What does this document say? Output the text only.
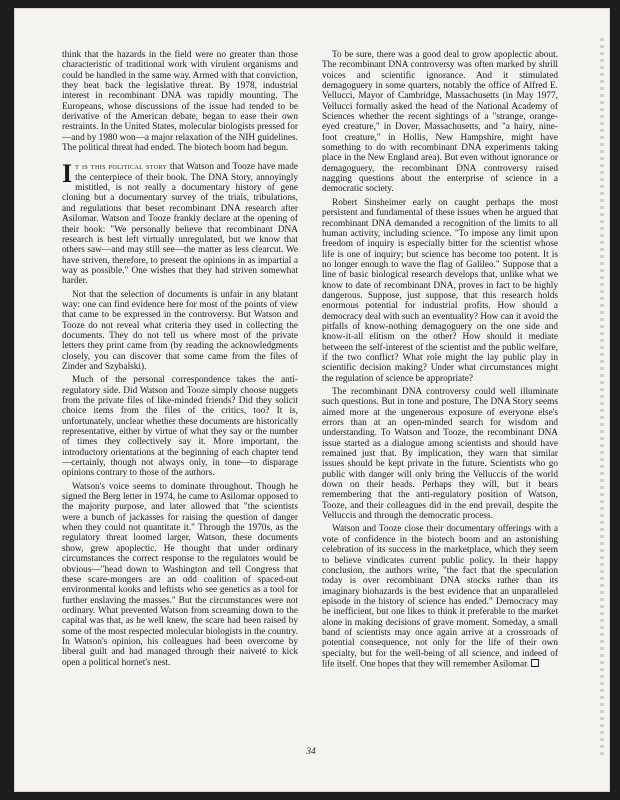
think that the hazards in the field were no greater than those characteristic of traditional work with virulent organisms and could be handled in the same way. Armed with that conviction, they beat back the legislative threat. By 1978, industrial interest in recombinant DNA was rapidly mounting. The Europeans, whose discussions of the issue had tended to be derivative of the American debate, began to ease their own restraints. In the United States, molecular biologists pressed for—and by 1980 won—a major relaxation of the NIH guidelines. The political threat had ended. The biotech boom had begun.

It is this political story that Watson and Tooze have made the centerpiece of their book. The DNA Story, annoyingly mistitled, is not really a documentary history of gene cloning but a documentary survey of the trials, tribulations, and regulations that beset recombinant DNA research after Asilomar. Watson and Tooze frankly declare at the opening of their book: "We personally believe that recombinant DNA research is best left virtually unregulated, but we know that others saw—and may still see—the matter as less clearcut. We have striven, therefore, to present the opinions in as impartial a way as possible." One wishes that they had striven somewhat harder.

Not that the selection of documents is unfair in any blatant way: one can find evidence here for most of the points of view that came to be expressed in the controversy. But Watson and Tooze do not reveal what criteria they used in collecting the documents. They do not tell us where most of the private letters they print came from (by reading the acknowledgments closely, you can discover that some came from the files of Zinder and Szybalski).

Much of the personal correspondence takes the anti-regulatory side. Did Watson and Tooze simply choose nuggets from the private files of like-minded friends? Did they solicit choice items from the files of the critics, too? It is, unfortunately, unclear whether these documents are historically representative, either by virtue of what they say or the number of times they collectively say it. More important, the introductory orientations at the beginning of each chapter tend—certainly, though not always only, in tone—to disparage opinions contrary to those of the authors.

Watson's voice seems to dominate throughout. Though he signed the Berg letter in 1974, he came to Asilomar opposed to the majority purpose, and later allowed that "the scientists were a bunch of jackasses for raising the question of danger when they could not quantitate it." Through the 1970s, as the regulatory threat loomed larger, Watson, these documents show, grew apoplectic. He thought that under ordinary circumstances the correct response to the regulators would be obvious—"head down to Washington and tell Congress that these scare-mongers are an odd coalition of spaced-out environmental kooks and leftists who see genetics as a tool for further enslaving the masses." But the circumstances were not ordinary. What prevented Watson from screaming down to the capital was that, as he well knew, the scare had been raised by some of the most respected molecular biologists in the country. In Watson's opinion, his colleagues had been overcome by liberal guilt and had managed through their naiveté to kick open a political hornet's nest.

To be sure, there was a good deal to grow apoplectic about. The recombinant DNA controversy was often marked by shrill voices and scientific ignorance. And it stimulated demagoguery in some quarters, notably the office of Alfred E. Vellucci, Mayor of Cambridge, Massachusetts (in May 1977, Vellucci formally asked the head of the National Academy of Sciences whether the recent sightings of a "strange, orange-eyed creature," in Dover, Massachusetts, and "a hairy, nine-foot creature," in Hollis, New Hampshire, might have something to do with recombinant DNA experiments taking place in the New England area). But even without ignorance or demagoguery, the recombinant DNA controversy raised nagging questions about the enterprise of science in a democratic society.

Robert Sinsheimer early on caught perhaps the most persistent and fundamental of these issues when he argued that recombinant DNA demanded a recognition of the limits to all human activity, including science. "To impose any limit upon freedom of inquiry is especially bitter for the scientist whose life is one of inquiry; but science has become too potent. It is no longer enough to wave the flag of Galileo." Suppose that a line of basic biological research develops that, unlike what we know to date of recombinant DNA, proves in fact to be highly dangerous. Suppose, just suppose, that this research holds enormous potential for industrial profits. How should a democracy deal with such an eventuality? How can it avoid the pitfalls of know-nothing demagoguery on the one side and know-it-all elitism on the other? How should it mediate between the self-interest of the scientist and the public welfare, if the two conflict? What role might the lay public play in scientific decision making? Under what circumstances might the regulation of science be appropriate?

The recombinant DNA controversy could well illuminate such questions. But in tone and posture, The DNA Story seems aimed more at the ungenerous exposure of everyone else's errors than at an open-minded search for wisdom and understanding. To Watson and Tooze, the recombinant DNA issue started as a dialogue among scientists and should have remained just that. By implication, they warn that similar issues should be kept private in the future. Scientists who go public with danger will only bring the Velluccis of the world down on their heads. Perhaps they will, but it bears remembering that the anti-regulatory position of Watson, Tooze, and their colleagues did in the end prevail, despite the Velluccis and through the democratic process.

Watson and Tooze close their documentary offerings with a vote of confidence in the biotech boom and an astonishing celebration of its success in the marketplace, which they seem to believe vindicates current public policy. In their happy conclusion, the authors write, "the fact that the speculation today is over recombinant DNA stocks rather than its imaginary biohazards is the best evidence that an unparalleled episode in the history of science has ended." Democracy may be inefficient, but one likes to think it preferable to the market alone in making decisions of grave moment. Someday, a small band of scientists may once again arrive at a crossroads of potential consequence, not only for the life of their own specialty, but for the well-being of all science, and indeed of life itself. One hopes that they will remember Asilomar.

34
